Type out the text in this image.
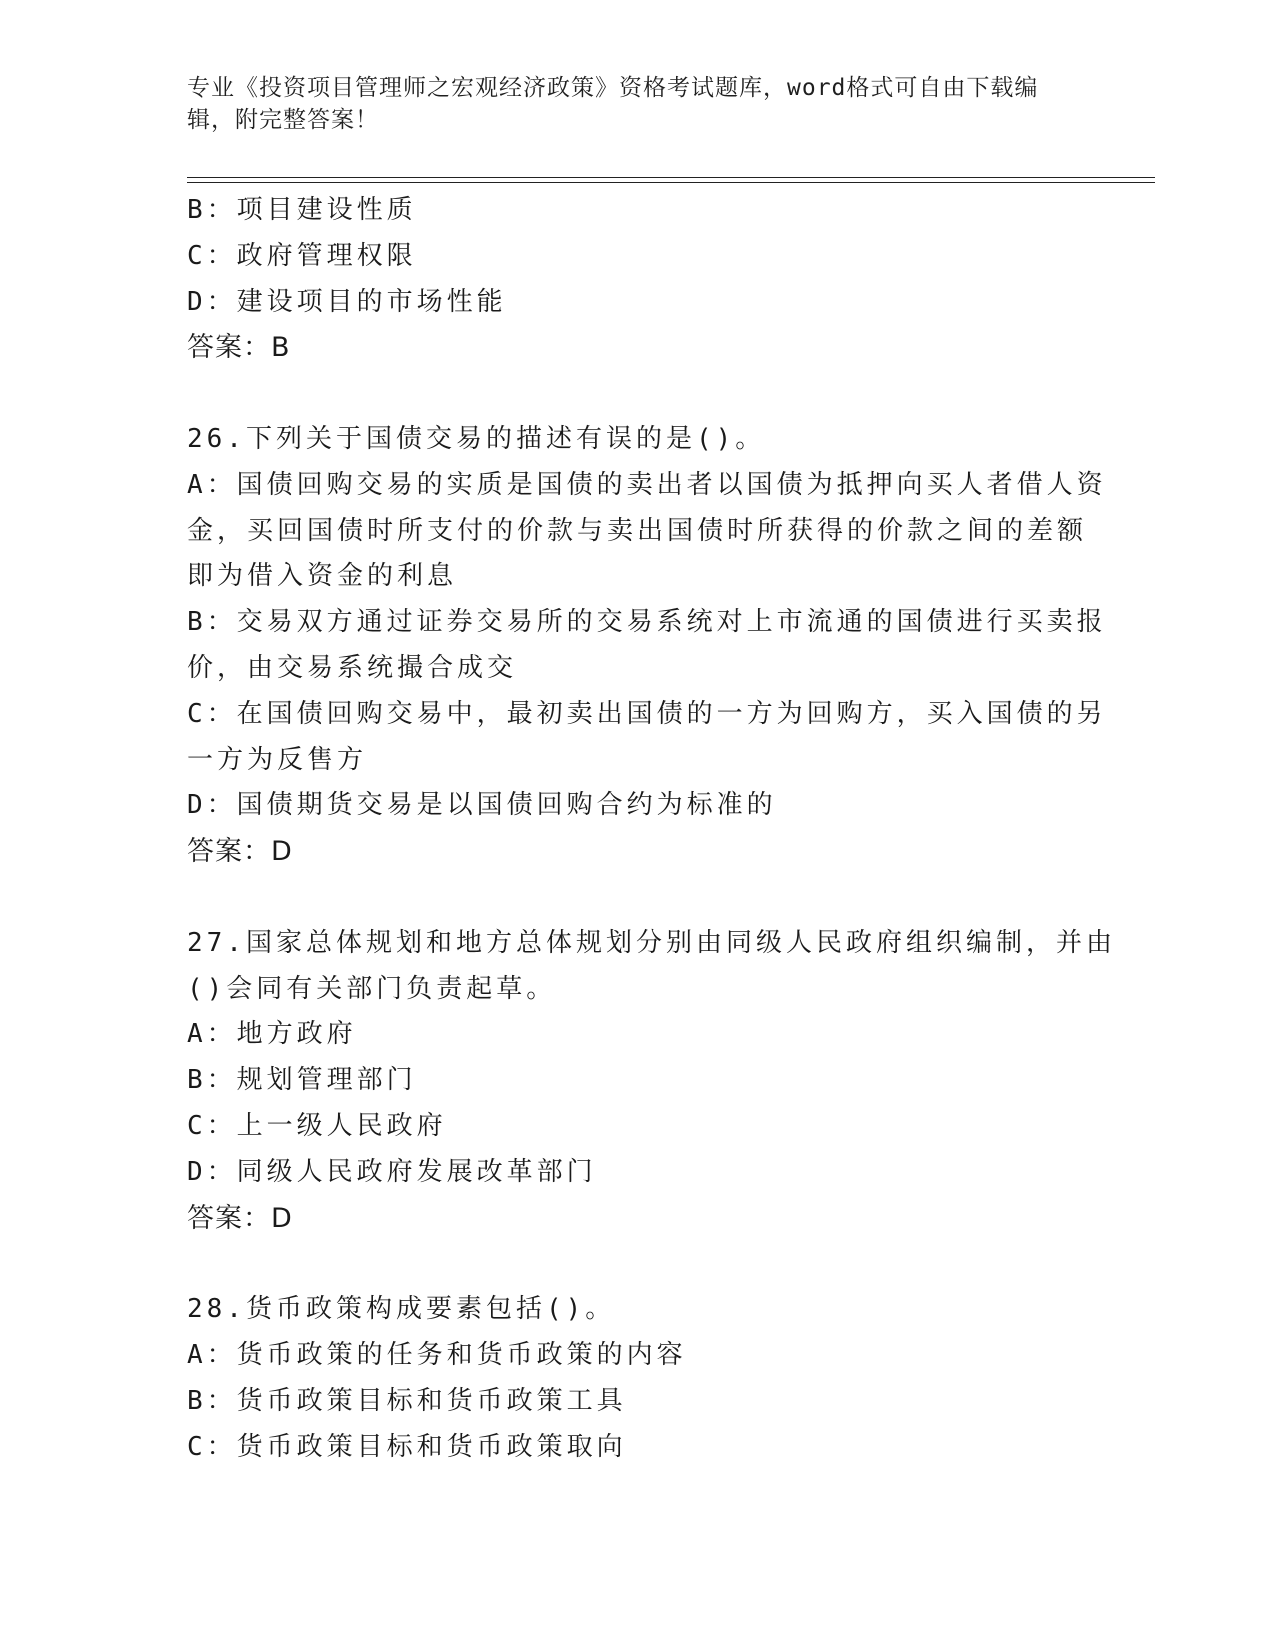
专业《投资项目管理师之宏观经济政策》资格考试题库，word格式可自由下载编
辑，附完整答案！
B：项目建设性质
C：政府管理权限
D：建设项目的市场性能
答案：B
26.下列关于国债交易的描述有误的是()。
A：国债回购交易的实质是国债的卖出者以国债为抵押向买人者借人资
金，买回国债时所支付的价款与卖出国债时所获得的价款之间的差额
即为借入资金的利息
B：交易双方通过证券交易所的交易系统对上市流通的国债进行买卖报
价，由交易系统撮合成交
C：在国债回购交易中，最初卖出国债的一方为回购方，买入国债的另
一方为反售方
D：国债期货交易是以国债回购合约为标准的
答案：D
27.国家总体规划和地方总体规划分别由同级人民政府组织编制，并由
()会同有关部门负责起草。
A：地方政府
B：规划管理部门
C：上一级人民政府
D：同级人民政府发展改革部门
答案：D
28.货币政策构成要素包括()。
A：货币政策的任务和货币政策的内容
B：货币政策目标和货币政策工具
C：货币政策目标和货币政策取向
